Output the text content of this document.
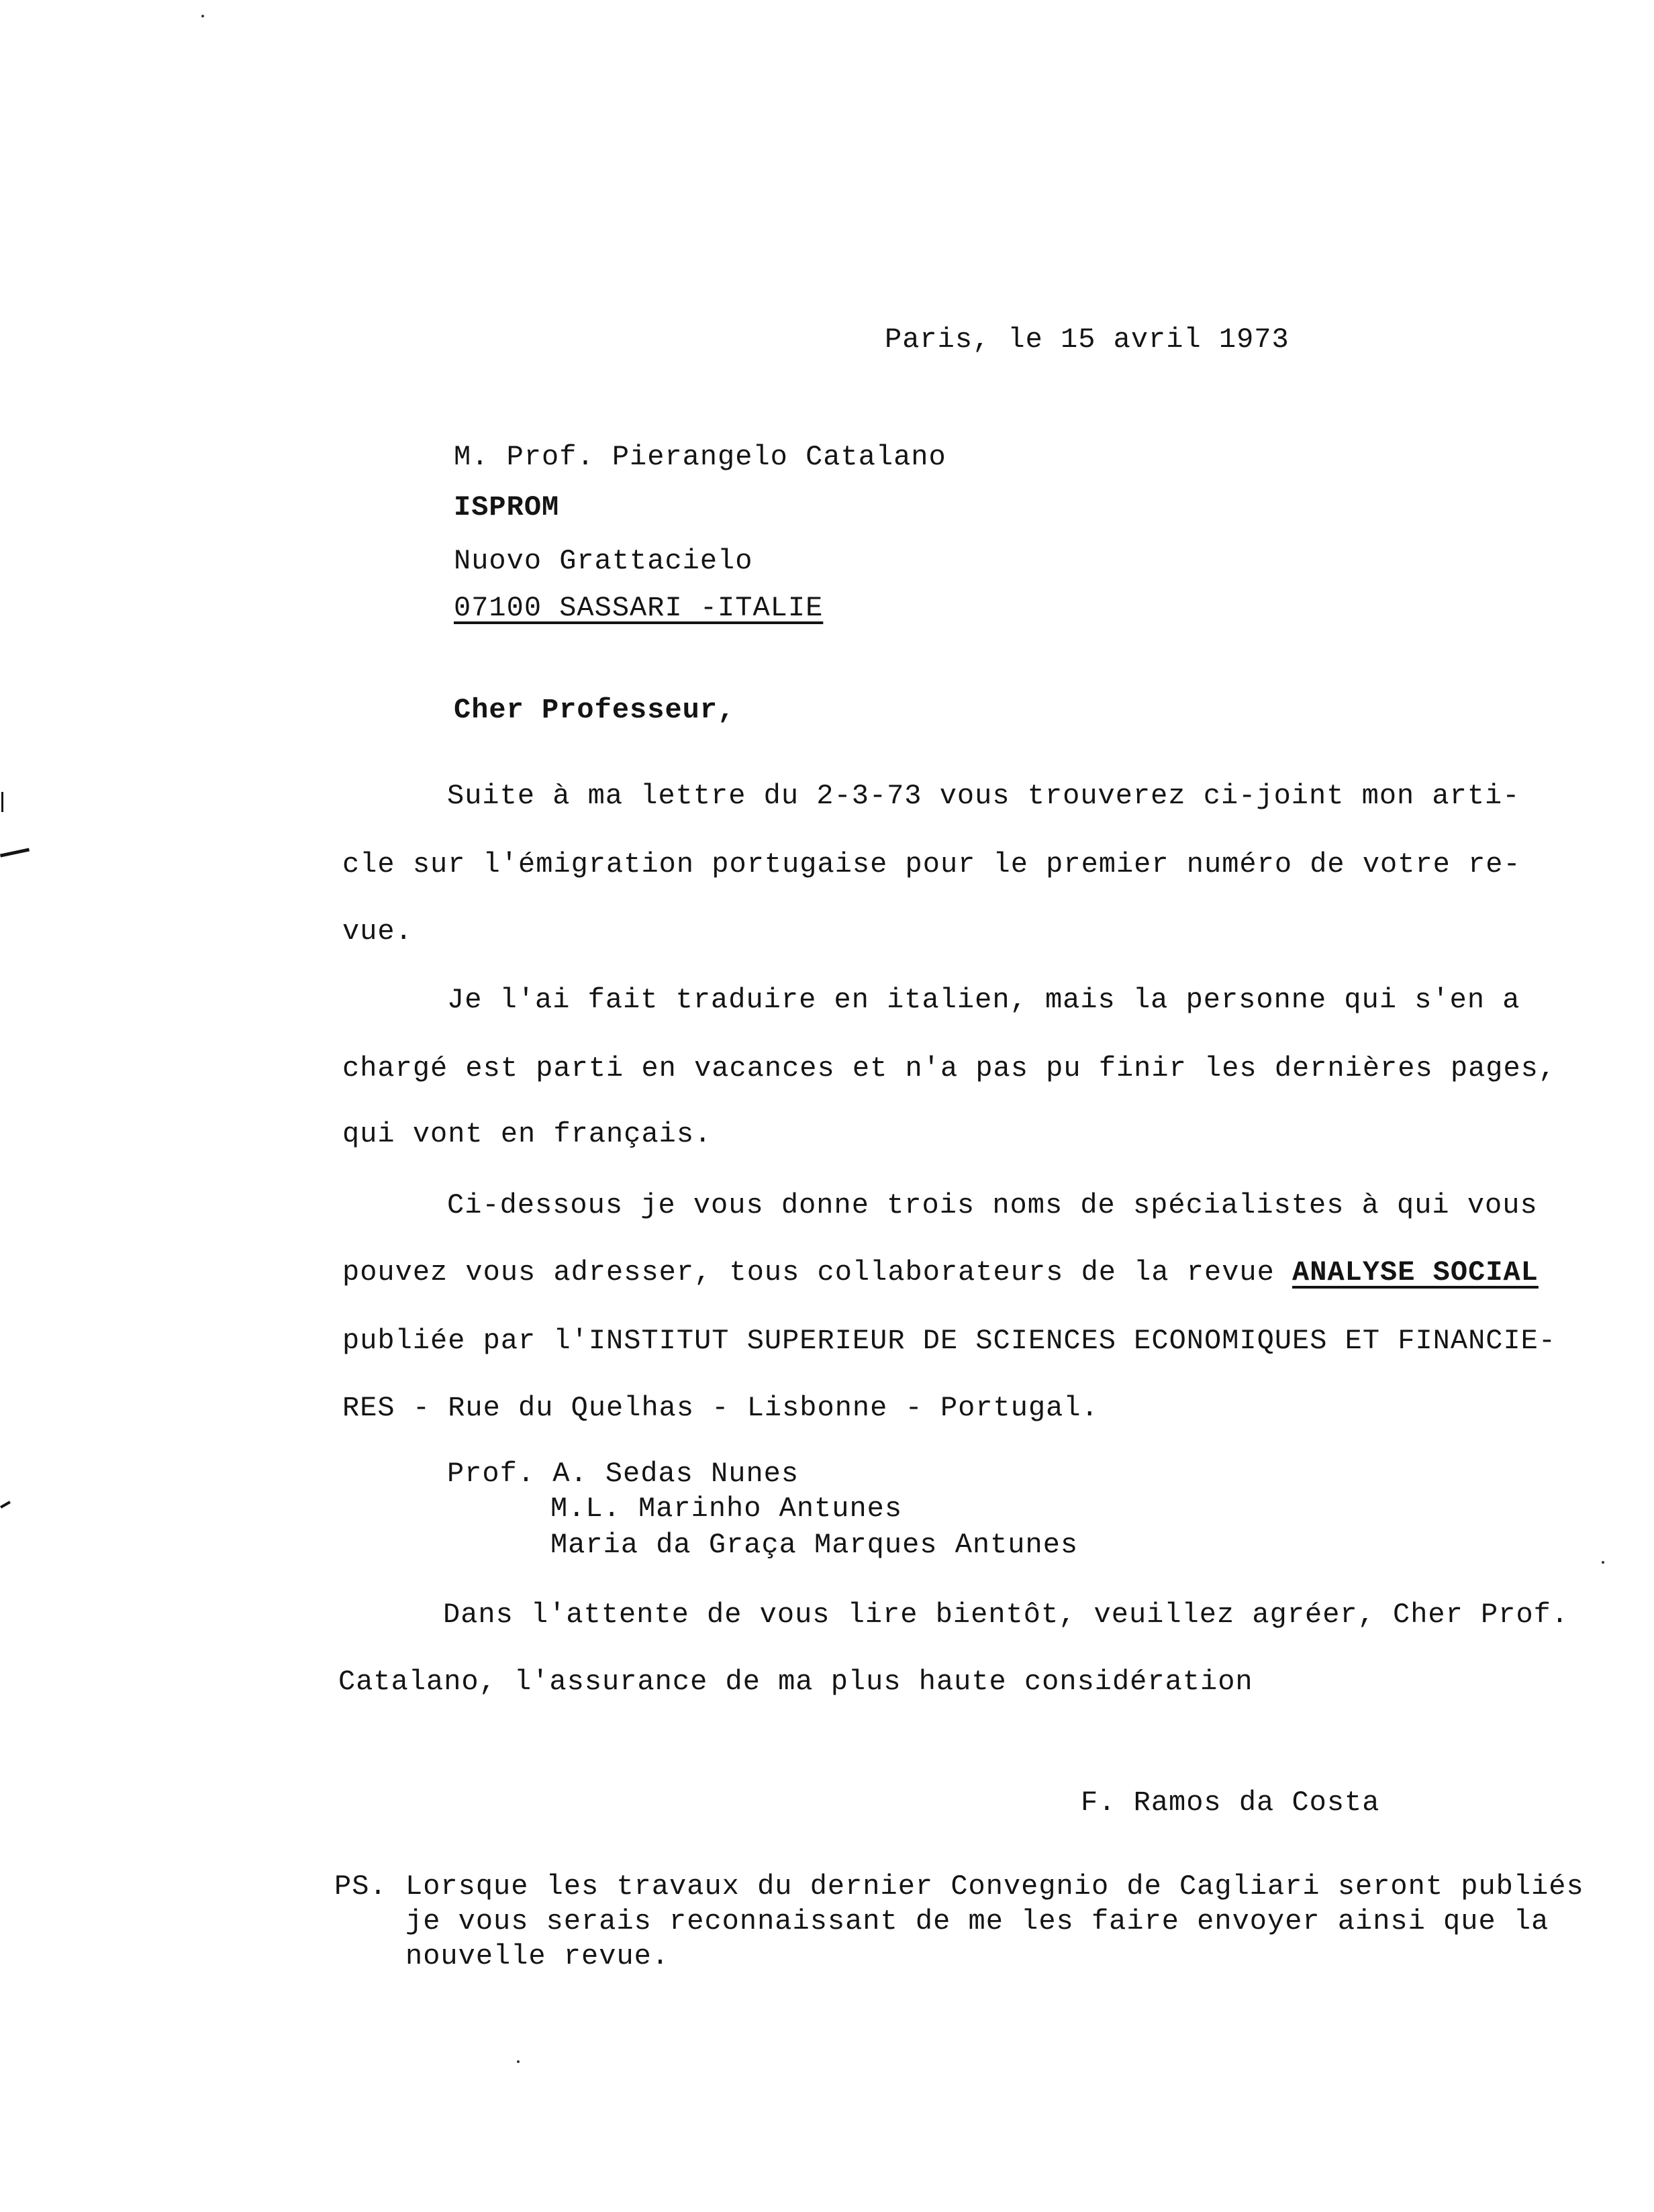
Paris, le 15 avril 1973
M. Prof. Pierangelo Catalano
ISPROM
Nuovo Grattacielo
07100 SASSARI -ITALIE
Cher Professeur,
Suite à ma lettre du 2-3-73 vous trouverez ci-joint mon arti-
cle sur l'émigration portugaise pour le premier numéro de votre re-
vue.
Je l'ai fait traduire en italien, mais la personne qui s'en a
chargé est parti en vacances et n'a pas pu finir les dernières pages,
qui vont en français.
Ci-dessous je vous donne trois noms de spécialistes à qui vous
pouvez vous adresser, tous collaborateurs de la revue ANALYSE SOCIAL
publiée par l'INSTITUT SUPERIEUR DE SCIENCES ECONOMIQUES ET FINANCIE-
RES - Rue du Quelhas - Lisbonne - Portugal.
Prof. A. Sedas Nunes
M.L. Marinho Antunes
Maria da Graça Marques Antunes
Dans l'attente de vous lire bientôt, veuillez agréer, Cher Prof.
Catalano, l'assurance de ma plus haute considération
F. Ramos da Costa
PS. Lorsque les travaux du dernier Convegnio de Cagliari seront publiés
je vous serais reconnaissant de me les faire envoyer ainsi que la
nouvelle revue.
